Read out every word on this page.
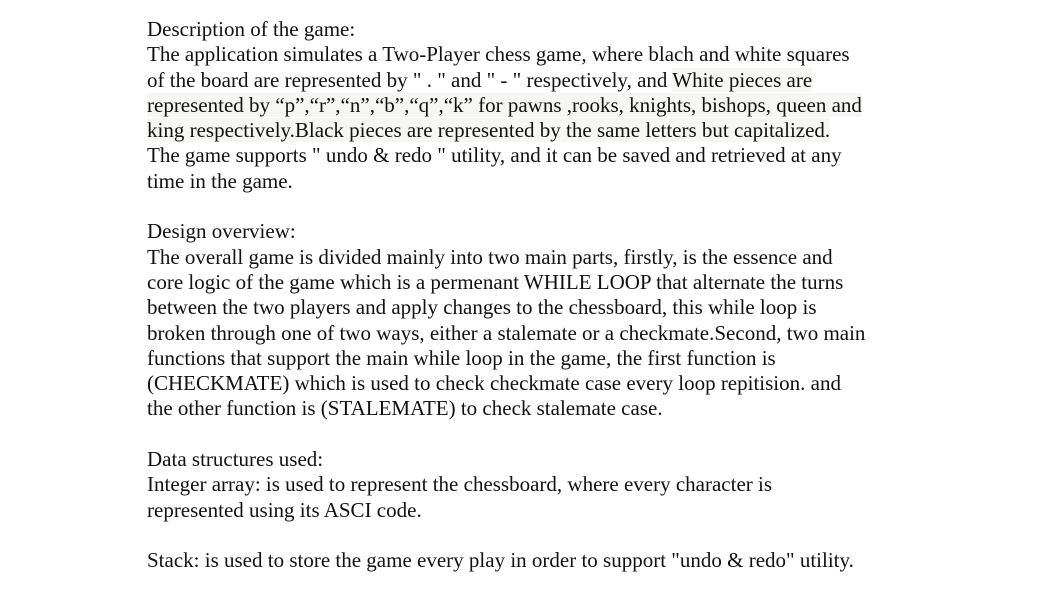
Description of the game:
The application simulates a Two-Player chess game, where blach and white squares
of the board are represented by " . " and " - " respectively, and White pieces are
represented by “p”,“r”,“n”,“b”,“q”,“k” for pawns ,rooks, knights, bishops, queen and
king respectively.Black pieces are represented by the same letters but capitalized.
The game supports " undo & redo " utility, and it can be saved and retrieved at any
time in the game.
Design overview:
The overall game is divided mainly into two main parts, firstly, is the essence and
core logic of the game which is a permenant WHILE LOOP that alternate the turns
between the two players and apply changes to the chessboard, this while loop is
broken through one of two ways, either a stalemate or a checkmate.Second, two main
functions that support the main while loop in the game, the first function is
(CHECKMATE) which is used to check checkmate case every loop repitision. and
the other function is (STALEMATE) to check stalemate case.
Data structures used:
Integer array: is used to represent the chessboard, where every character is
represented using its ASCI code.
Stack: is used to store the game every play in order to support "undo & redo" utility.
